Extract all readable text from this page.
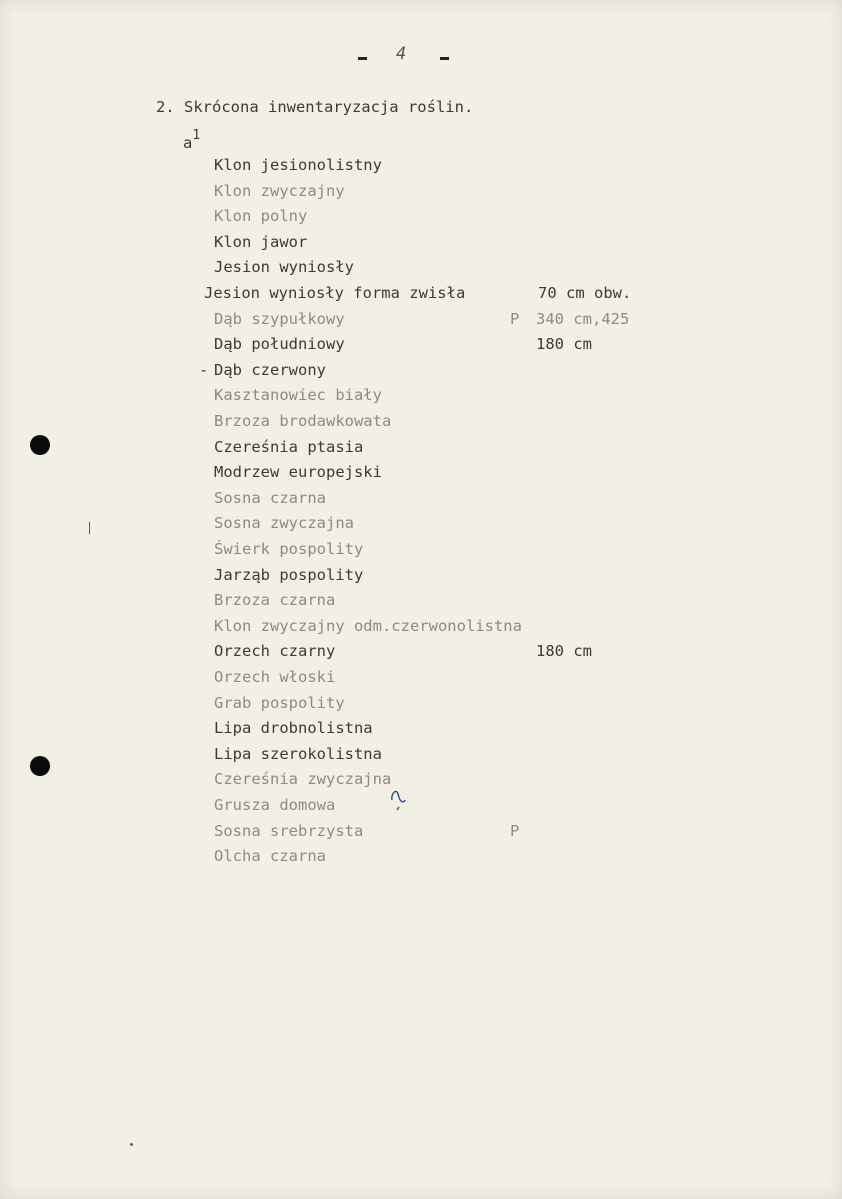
4
2. Skrócona inwentaryzacja roślin.
$a^1$
Klon jesionolistny
Klon zwyczajny
Klon polny
Klon jawor
Jesion wyniosły
Jesion wyniosły forma zwisła	70 cm obw.
Dąb szypułkowy	P 340 cm,425
Dąb południowy	180 cm
- Dąb czerwony
Kasztanowiec biały
Brzoza brodawkowata
Czereśnia ptasia
Modrzew europejski
Sosna czarna
Sosna zwyczajna
Świerk pospolity
Jarząb pospolity
Brzoza czarna
Klon zwyczajny odm.czerwonolistna
Orzech czarny	180 cm
Orzech włoski
Grab pospolity
Lipa drobnolistna
Lipa szerokolistna
Czereśnia zwyczajna
Grusza domowa
Sosna srebrzysta	P
Olcha czarna
